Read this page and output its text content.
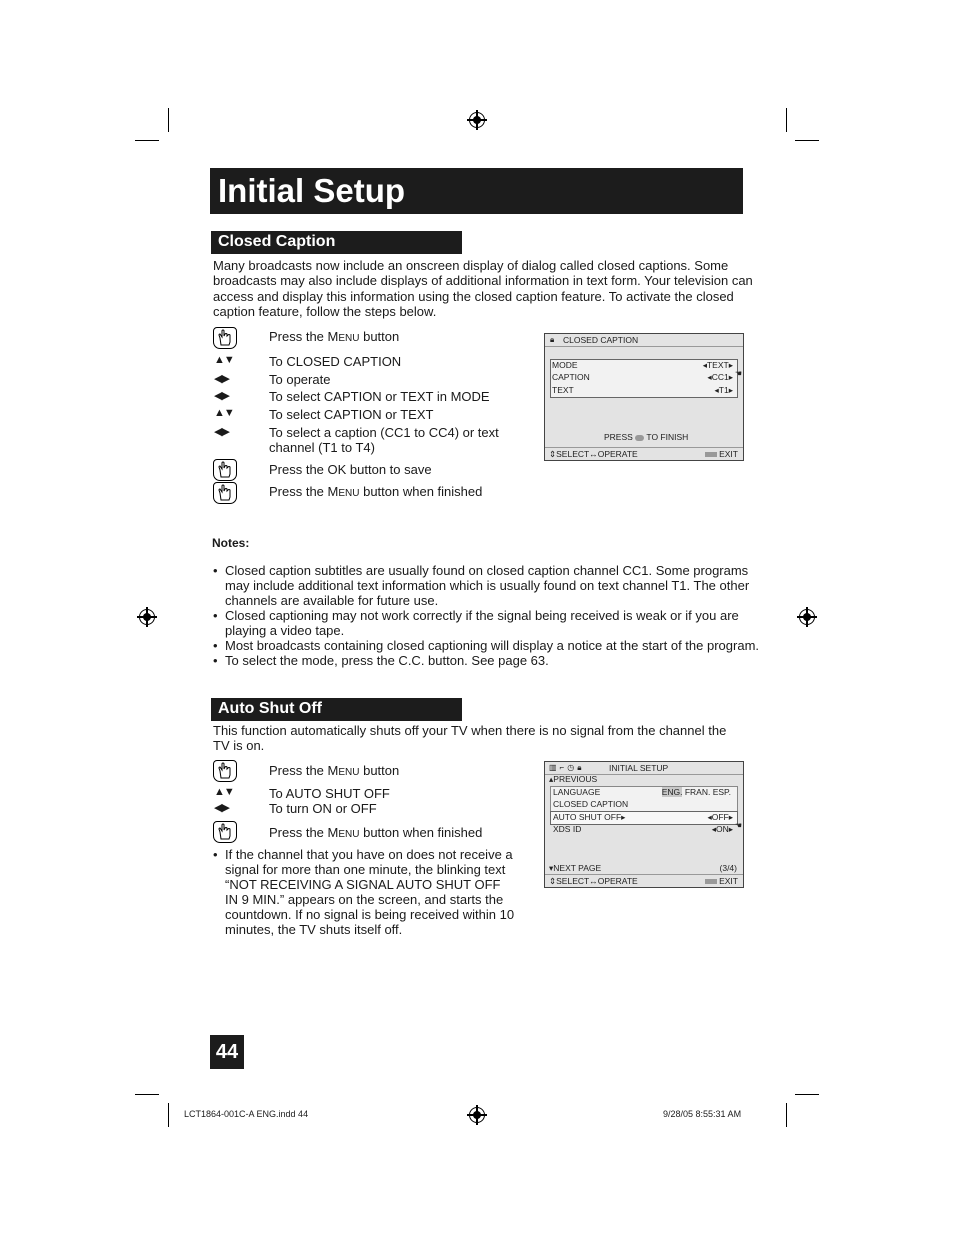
Initial Setup
Closed Caption
Many broadcasts now include an onscreen display of dialog called closed captions. Some
broadcasts may also include displays of additional information in text form. Your television can
access and display this information using the closed caption feature. To activate the closed
caption feature, follow the steps below.
Press the MENU button
▲▼	To CLOSED CAPTION
◀▶	To operate
◀▶	To select CAPTION or TEXT in MODE
▲▼	To select CAPTION or TEXT
◀▶	To select a caption (CC1 to CC4) or text
channel (T1 to T4)
Press the OK button to save
Press the MENU button when finished
🔒︎ CLOSED CAPTION
MODE	◂TEXT▸
CAPTION	◂CC1▸
TEXT	◂T1▸
☚
PRESS TO FINISH
⇕SELECT↔OPERATE	EXIT
Notes:
• Closed caption subtitles are usually found on closed caption channel CC1. Some programs
may include additional text information which is usually found on text channel T1. The other
channels are available for future use.
• Closed captioning may not work correctly if the signal being received is weak or if you are
playing a video tape.
• Most broadcasts containing closed captioning will display a notice at the start of the program.
• To select the mode, press the C.C. button. See page 63.
Auto Shut Off
This function automatically shuts off your TV when there is no signal from the channel the
TV is on.
Press the MENU button
▲▼	To AUTO SHUT OFF
◀▶	To turn ON or OFF
Press the MENU button when finished
• If the channel that you have on does not receive a
signal for more than one minute, the blinking text
“NOT RECEIVING A SIGNAL AUTO SHUT OFF
IN 9 MIN.” appears on the screen, and starts the
countdown. If no signal is being received within 10
minutes, the TV shuts itself off.
▥⌐◷🔒︎	INITIAL SETUP
▴PREVIOUS
LANGUAGE	ENG. FRAN. ESP.
CLOSED CAPTION
AUTO SHUT OFF▸	◂OFF▸
XDS ID	◂ON▸ ☚
▾NEXT PAGE	(3/4)
⇕SELECT↔OPERATE	EXIT
44
LCT1864-001C-A ENG.indd 44	9/28/05 8:55:31 AM
